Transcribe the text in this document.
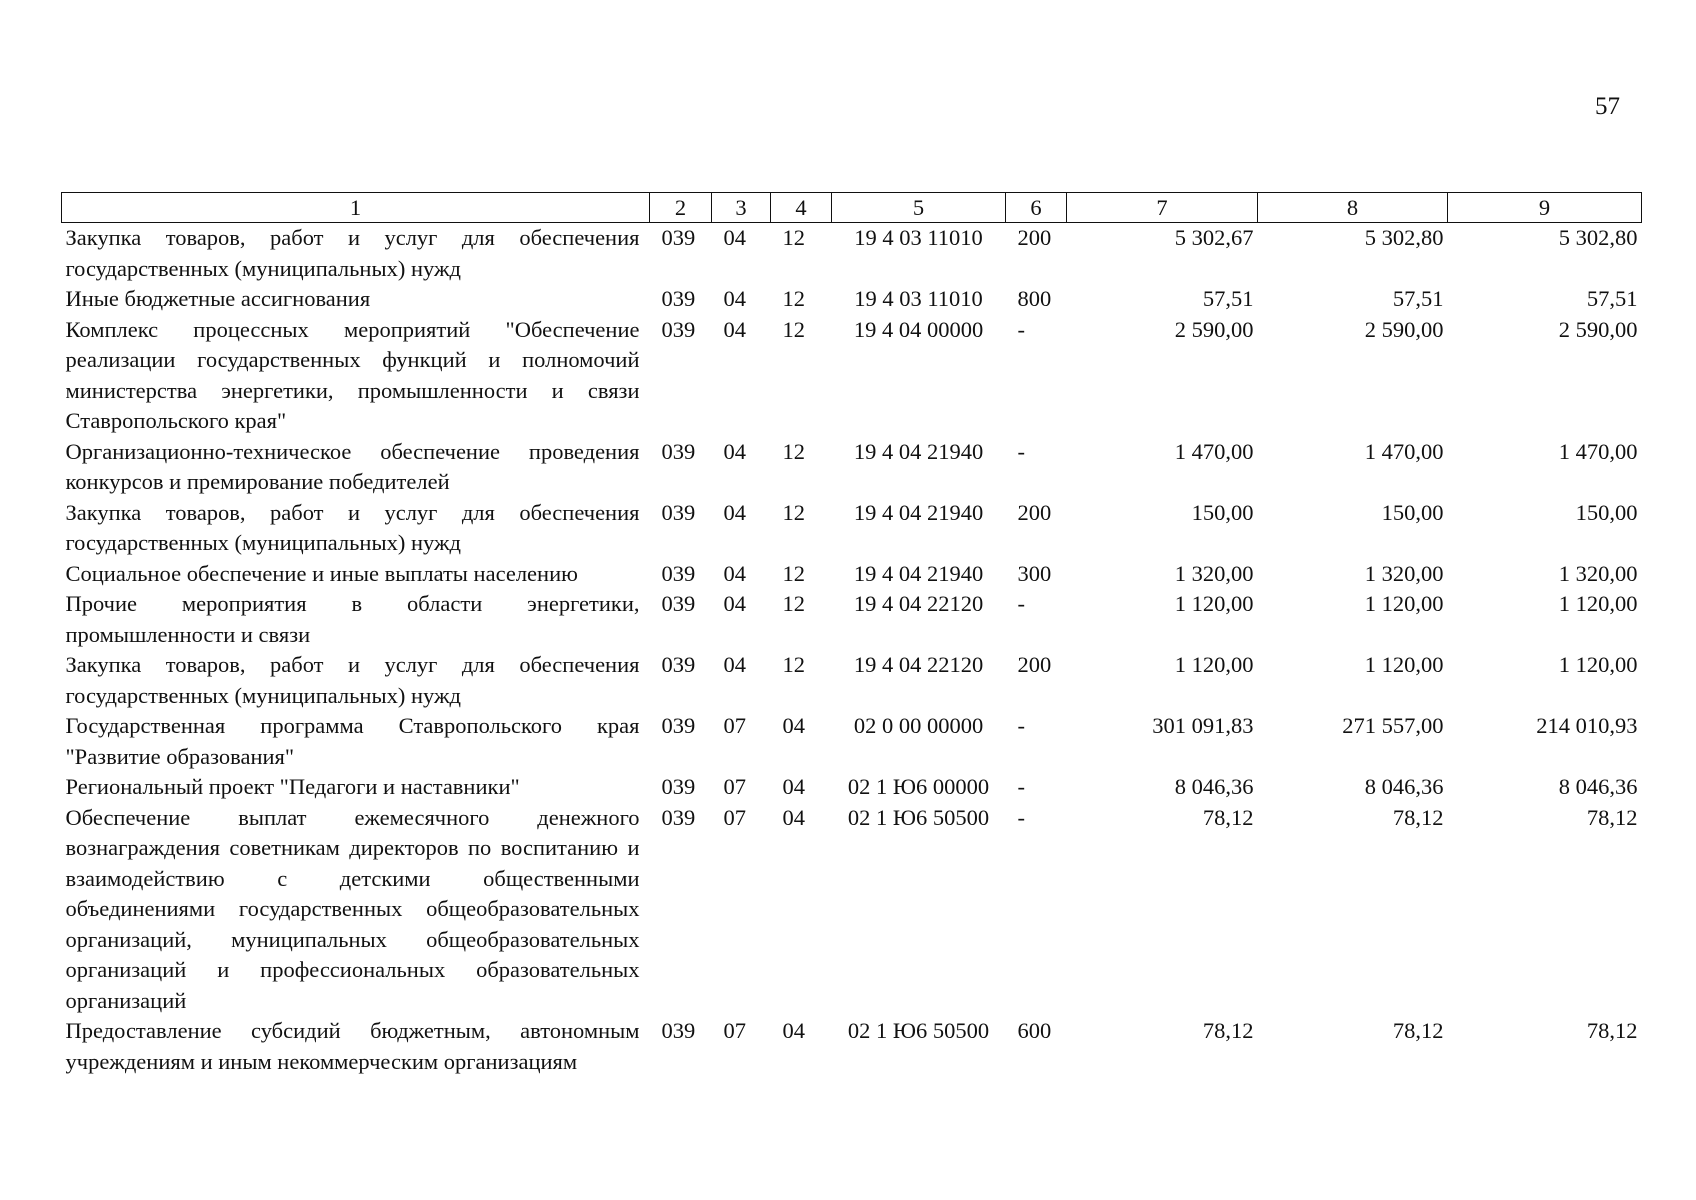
57
1	2	3	4	5	6	7	8	9
Закупка товаров, работ и услуг для обеспечения государственных (муниципальных) нужд	039	04	12	19 4 03 11010	200	5 302,67	5 302,80	5 302,80
Иные бюджетные ассигнования	039	04	12	19 4 03 11010	800	57,51	57,51	57,51
Комплекс процессных мероприятий "Обеспечение реализации государственных функций и полномочий министерства энергетики, промышленности и связи Ставропольского края"	039	04	12	19 4 04 00000	-	2 590,00	2 590,00	2 590,00
Организационно-техническое обеспечение проведения конкурсов и премирование победителей	039	04	12	19 4 04 21940	-	1 470,00	1 470,00	1 470,00
Закупка товаров, работ и услуг для обеспечения государственных (муниципальных) нужд	039	04	12	19 4 04 21940	200	150,00	150,00	150,00
Социальное обеспечение и иные выплаты населению	039	04	12	19 4 04 21940	300	1 320,00	1 320,00	1 320,00
Прочие мероприятия в области энергетики, промышленности и связи	039	04	12	19 4 04 22120	-	1 120,00	1 120,00	1 120,00
Закупка товаров, работ и услуг для обеспечения государственных (муниципальных) нужд	039	04	12	19 4 04 22120	200	1 120,00	1 120,00	1 120,00
Государственная программа Ставропольского края "Развитие образования"	039	07	04	02 0 00 00000	-	301 091,83	271 557,00	214 010,93
Региональный проект "Педагоги и наставники"	039	07	04	02 1 Ю6 00000	-	8 046,36	8 046,36	8 046,36
Обеспечение выплат ежемесячного денежного вознаграждения советникам директоров по воспитанию и взаимодействию с детскими общественными объединениями государственных общеобразовательных организаций, муниципальных общеобразовательных организаций и профессиональных образовательных организаций	039	07	04	02 1 Ю6 50500	-	78,12	78,12	78,12
Предоставление субсидий бюджетным, автономным учреждениям и иным некоммерческим организациям	039	07	04	02 1 Ю6 50500	600	78,12	78,12	78,12
